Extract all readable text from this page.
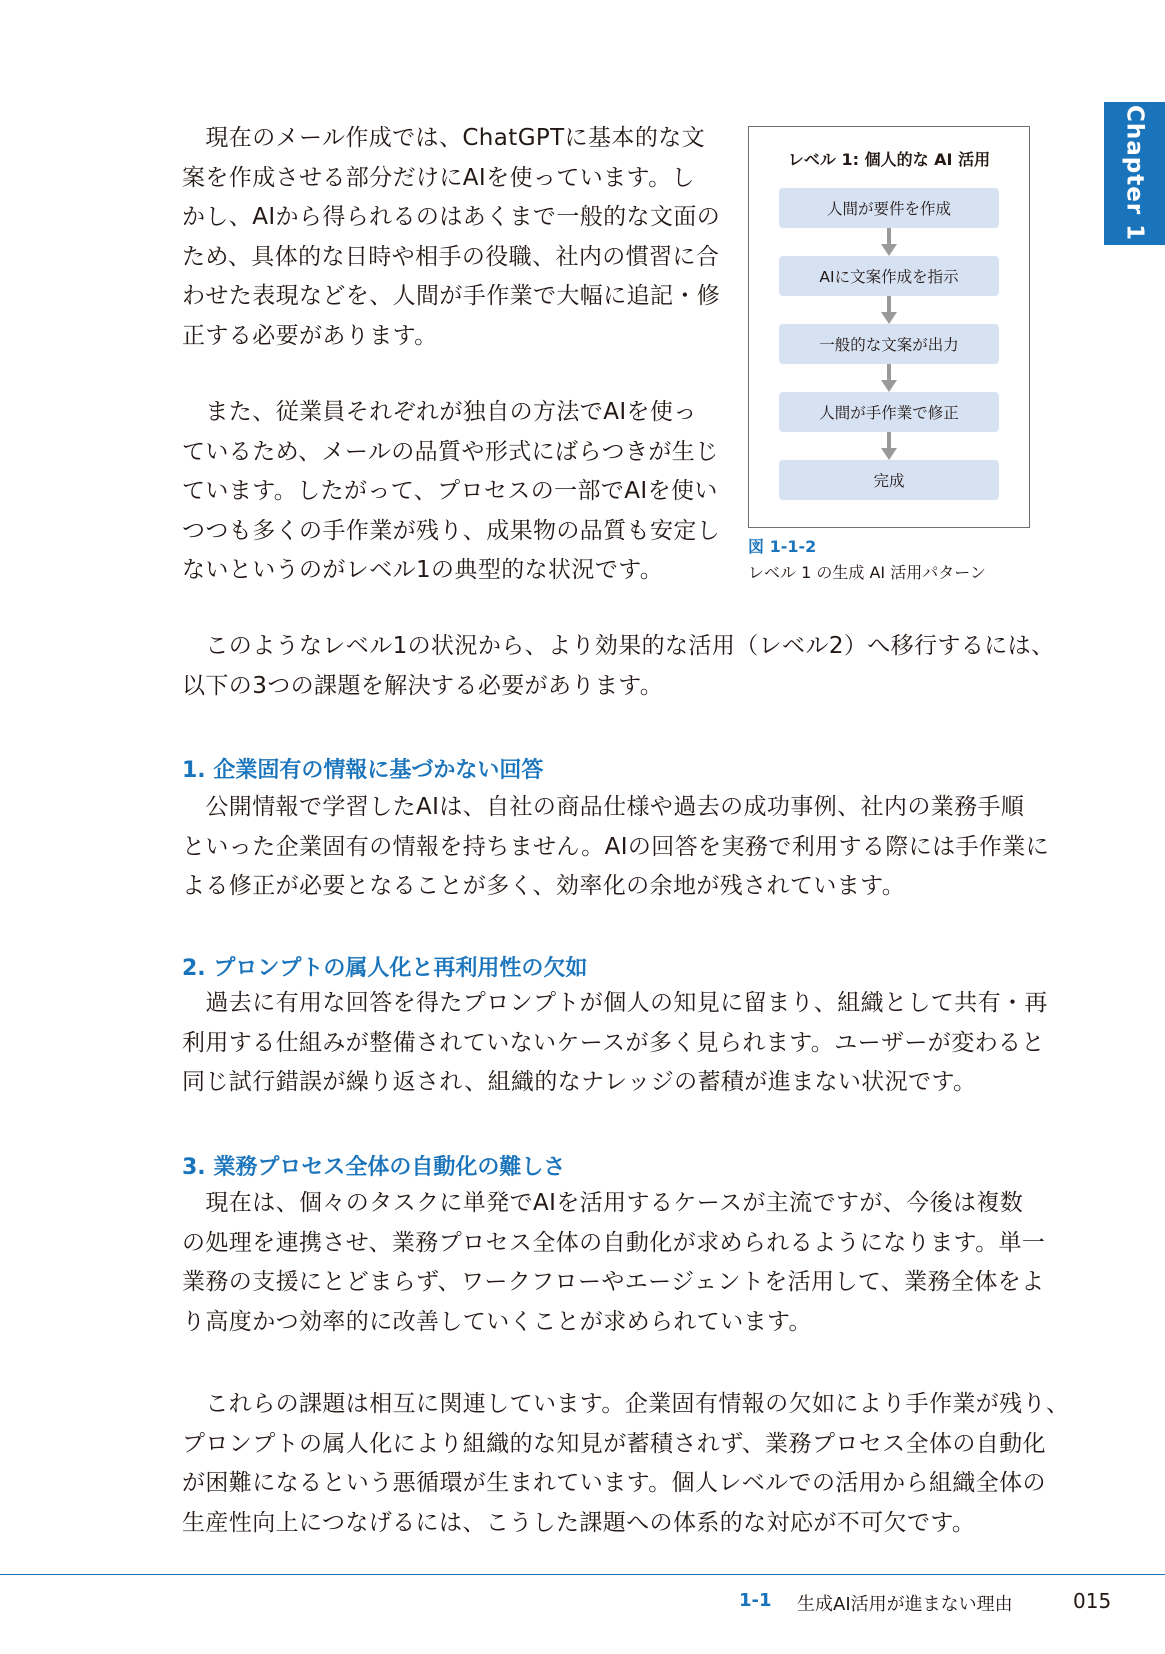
Chapter 1
　現在のメール作成では、ChatGPTに基本的な文
案を作成させる部分だけにAIを使っています。し
かし、AIから得られるのはあくまで一般的な文面の
ため、具体的な日時や相手の役職、社内の慣習に合
わせた表現などを、人間が手作業で大幅に追記・修
正する必要があります。
　また、従業員それぞれが独自の方法でAIを使っ
ているため、メールの品質や形式にばらつきが生じ
ています。したがって、プロセスの一部でAIを使い
つつも多くの手作業が残り、成果物の品質も安定し
ないというのがレベル1の典型的な状況です。
レベル 1: 個人的な AI 活用
人間が要件を作成
AIに文案作成を指示
一般的な文案が出力
人間が手作業で修正
完成
図 1-1-2
レベル 1 の生成 AI 活用パターン
　このようなレベル1の状況から、より効果的な活用（レベル2）へ移行するには、
以下の3つの課題を解決する必要があります。
1. 企業固有の情報に基づかない回答
　公開情報で学習したAIは、自社の商品仕様や過去の成功事例、社内の業務手順
といった企業固有の情報を持ちません。AIの回答を実務で利用する際には手作業に
よる修正が必要となることが多く、効率化の余地が残されています。
2. プロンプトの属人化と再利用性の欠如
　過去に有用な回答を得たプロンプトが個人の知見に留まり、組織として共有・再
利用する仕組みが整備されていないケースが多く見られます。ユーザーが変わると
同じ試行錯誤が繰り返され、組織的なナレッジの蓄積が進まない状況です。
3. 業務プロセス全体の自動化の難しさ
　現在は、個々のタスクに単発でAIを活用するケースが主流ですが、今後は複数
の処理を連携させ、業務プロセス全体の自動化が求められるようになります。単一
業務の支援にとどまらず、ワークフローやエージェントを活用して、業務全体をよ
り高度かつ効率的に改善していくことが求められています。
　これらの課題は相互に関連しています。企業固有情報の欠如により手作業が残り、
プロンプトの属人化により組織的な知見が蓄積されず、業務プロセス全体の自動化
が困難になるという悪循環が生まれています。個人レベルでの活用から組織全体の
生産性向上につなげるには、こうした課題への体系的な対応が不可欠です。
1-1 生成AI活用が進まない理由	015
